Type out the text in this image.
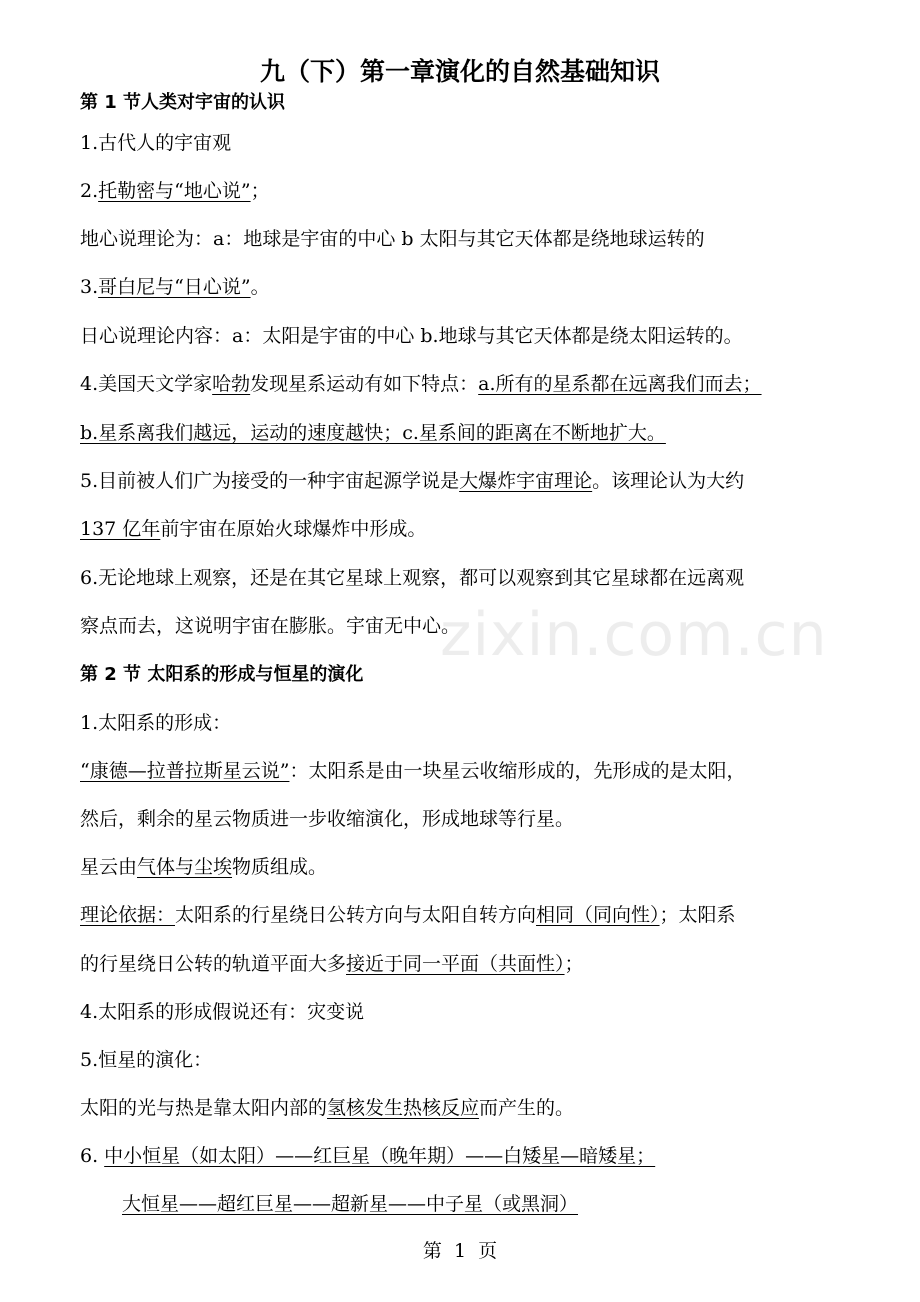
zixin.com.cn
九（下）第一章演化的自然基础知识
第 1 节人类对宇宙的认识
1.古代人的宇宙观
2.托勒密与“地心说”；
地心说理论为：a：地球是宇宙的中心 b 太阳与其它天体都是绕地球运转的
3.哥白尼与“日心说”。
日心说理论内容：a：太阳是宇宙的中心 b.地球与其它天体都是绕太阳运转的。
4.美国天文学家哈勃发现星系运动有如下特点：a.所有的星系都在远离我们而去；
b.星系离我们越远，运动的速度越快；c.星系间的距离在不断地扩大。
5.目前被人们广为接受的一种宇宙起源学说是大爆炸宇宙理论。该理论认为大约
137 亿年前宇宙在原始火球爆炸中形成。
6.无论地球上观察，还是在其它星球上观察，都可以观察到其它星球都在远离观
察点而去，这说明宇宙在膨胀。宇宙无中心。
第 2 节 太阳系的形成与恒星的演化
1.太阳系的形成：
“康德—拉普拉斯星云说”：太阳系是由一块星云收缩形成的，先形成的是太阳，
然后，剩余的星云物质进一步收缩演化，形成地球等行星。
星云由气体与尘埃物质组成。
理论依据：太阳系的行星绕日公转方向与太阳自转方向相同（同向性）；太阳系
的行星绕日公转的轨道平面大多接近于同一平面（共面性）；
4.太阳系的形成假说还有：灾变说
5.恒星的演化：
太阳的光与热是靠太阳内部的氢核发生热核反应而产生的。
6. 中小恒星（如太阳）——红巨星（晚年期）——白矮星—暗矮星；
大恒星——超红巨星——超新星——中子星（或黑洞）
第  1  页
